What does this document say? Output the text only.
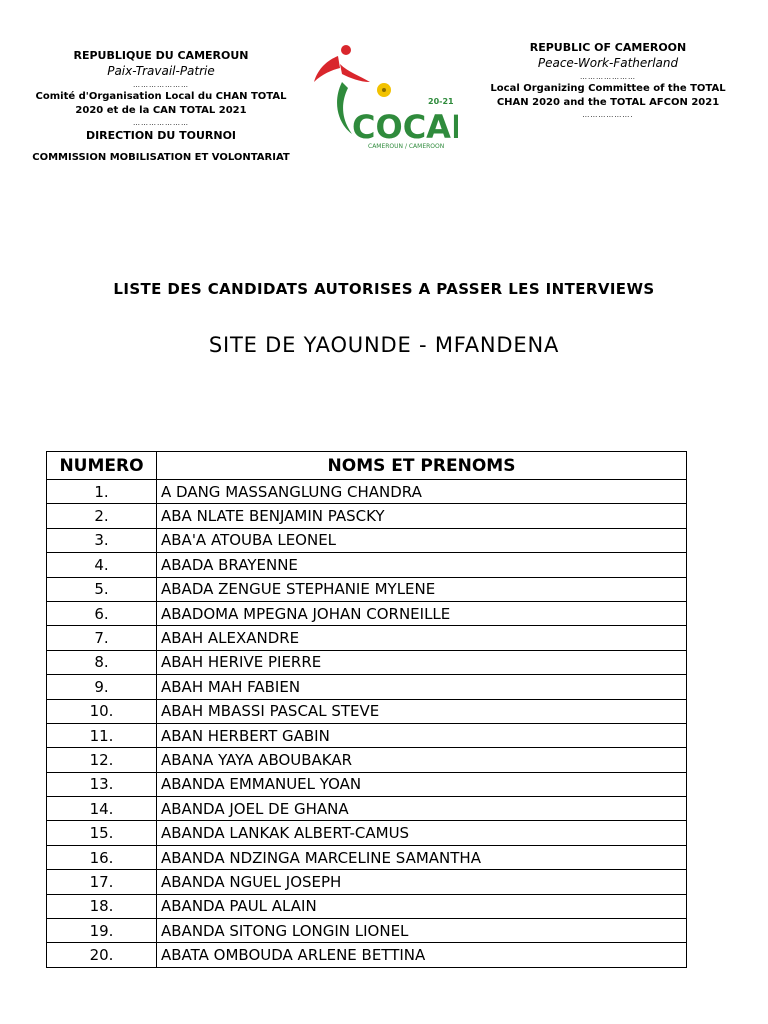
REPUBLIQUE DU CAMEROUN
Paix-Travail-Patrie
…………………
Comité d'Organisation Local du CHAN TOTAL 2020 et de la CAN TOTAL 2021
…………………
DIRECTION DU TOURNOI
COMMISSION MOBILISATION ET VOLONTARIAT
REPUBLIC OF CAMEROON
Peace-Work-Fatherland
…………………
Local Organizing Committee of the TOTAL CHAN 2020 and the TOTAL AFCON 2021
……………….
COCA
20-21
CAMEROUN / CAMEROON
LISTE DES CANDIDATS AUTORISES A PASSER LES INTERVIEWS
SITE DE YAOUNDE - MFANDENA
NUMERO	NOMS ET PRENOMS
1.	A DANG MASSANGLUNG CHANDRA
2.	ABA NLATE BENJAMIN PASCKY
3.	ABA'A ATOUBA LEONEL
4.	ABADA BRAYENNE
5.	ABADA ZENGUE STEPHANIE MYLENE
6.	ABADOMA MPEGNA JOHAN CORNEILLE
7.	ABAH ALEXANDRE
8.	ABAH HERIVE PIERRE
9.	ABAH MAH FABIEN
10.	ABAH MBASSI PASCAL STEVE
11.	ABAN HERBERT GABIN
12.	ABANA YAYA ABOUBAKAR
13.	ABANDA EMMANUEL YOAN
14.	ABANDA JOEL DE GHANA
15.	ABANDA LANKAK ALBERT-CAMUS
16.	ABANDA NDZINGA MARCELINE SAMANTHA
17.	ABANDA NGUEL JOSEPH
18.	ABANDA PAUL ALAIN
19.	ABANDA SITONG LONGIN LIONEL
20.	ABATA OMBOUDA ARLENE BETTINA
